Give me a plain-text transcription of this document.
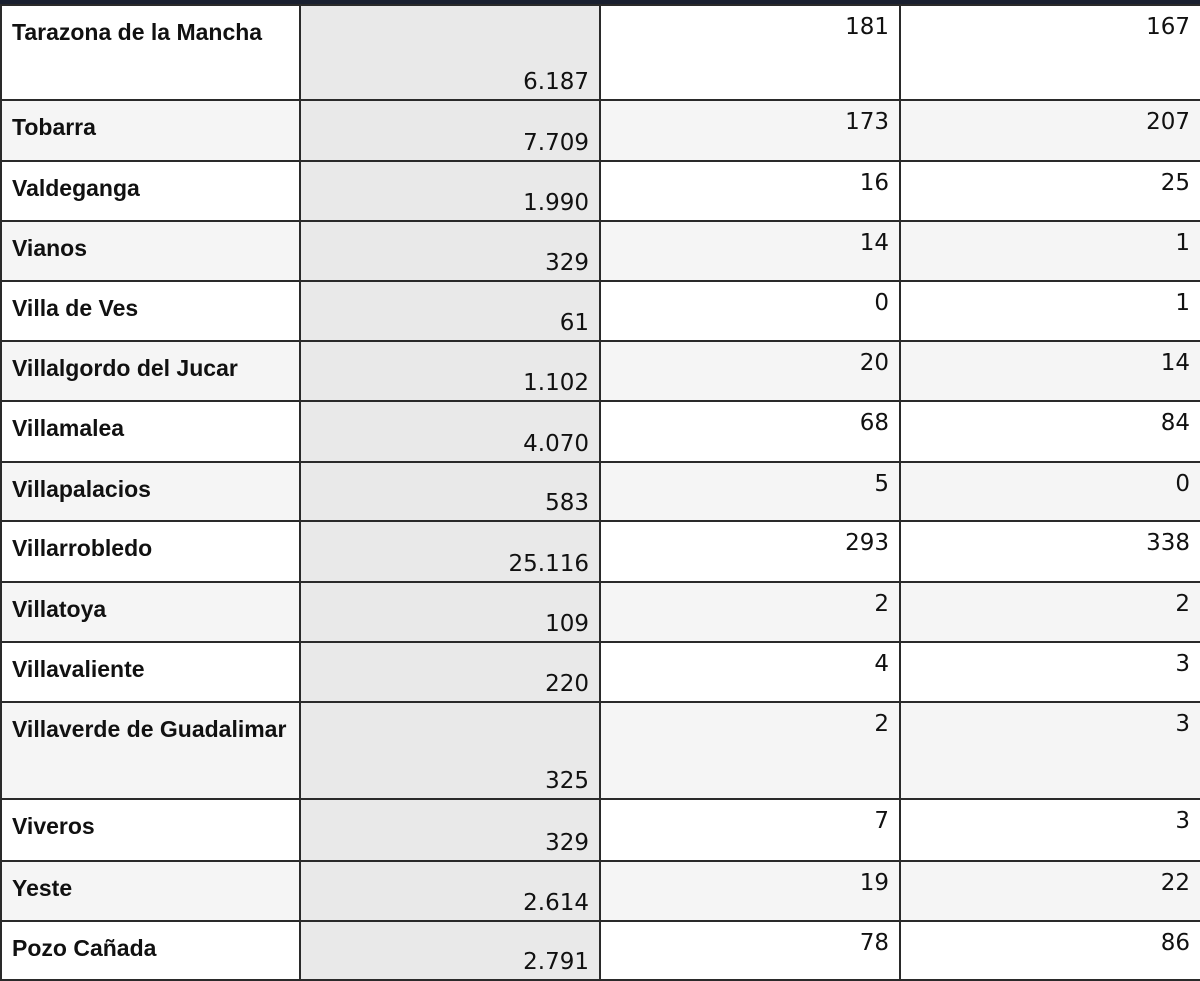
Tarazona de la Mancha	6.187	181	167
Tobarra	7.709	173	207
Valdeganga	1.990	16	25
Vianos	329	14	1
Villa de Ves	61	0	1
Villalgordo del Jucar	1.102	20	14
Villamalea	4.070	68	84
Villapalacios	583	5	0
Villarrobledo	25.116	293	338
Villatoya	109	2	2
Villavaliente	220	4	3
Villaverde de Guadalimar	325	2	3
Viveros	329	7	3
Yeste	2.614	19	22
Pozo Cañada	2.791	78	86
